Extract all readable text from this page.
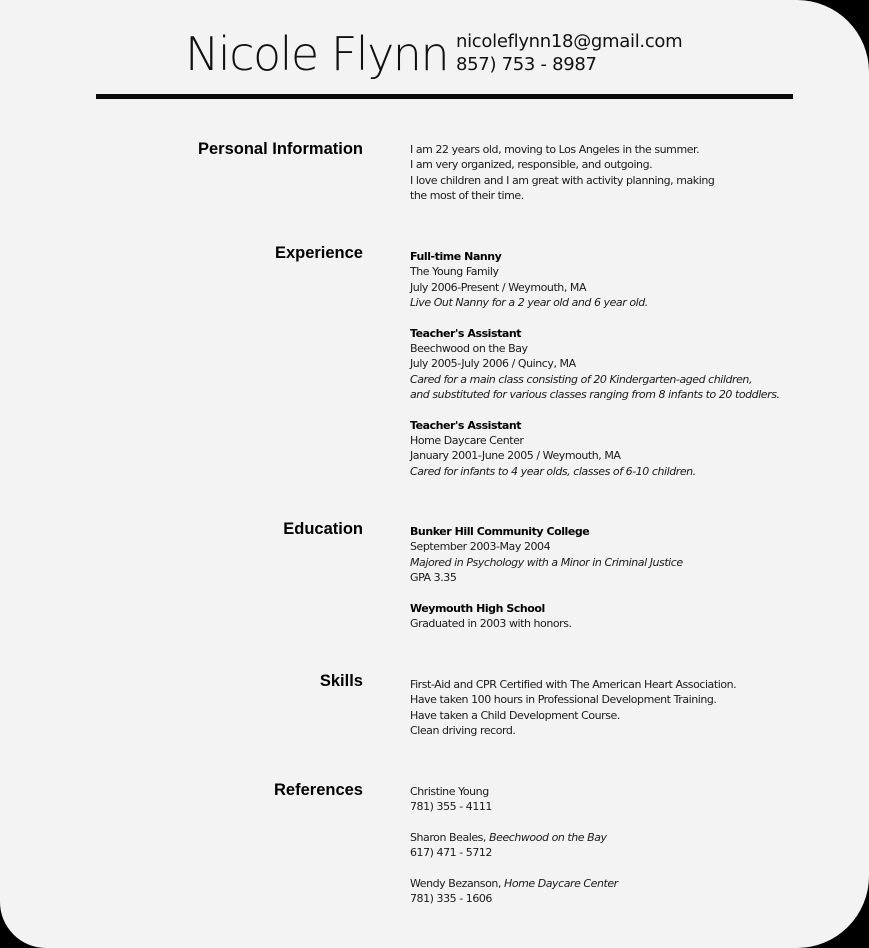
Nicole Flynn nicoleflynn18@gmail.com
857) 753 - 8987
Personal Information	I am 22 years old, moving to Los Angeles in the summer.
I am very organized, responsible, and outgoing.
I love children and I am great with activity planning, making
the most of their time.
Experience	Full-time Nanny
The Young Family
July 2006-Present / Weymouth, MA
Live Out Nanny for a 2 year old and 6 year old.
Teacher's Assistant
Beechwood on the Bay
July 2005-July 2006 / Quincy, MA
Cared for a main class consisting of 20 Kindergarten-aged children,
and substituted for various classes ranging from 8 infants to 20 toddlers.
Teacher's Assistant
Home Daycare Center
January 2001-June 2005 / Weymouth, MA
Cared for infants to 4 year olds, classes of 6-10 children.
Education	Bunker Hill Community College
September 2003-May 2004
Majored in Psychology with a Minor in Criminal Justice
GPA 3.35
Weymouth High School
Graduated in 2003 with honors.
Skills	First-Aid and CPR Certified with The American Heart Association.
Have taken 100 hours in Professional Development Training.
Have taken a Child Development Course.
Clean driving record.
References	Christine Young
781) 355 - 4111
Sharon Beales, Beechwood on the Bay
617) 471 - 5712
Wendy Bezanson, Home Daycare Center
781) 335 - 1606
